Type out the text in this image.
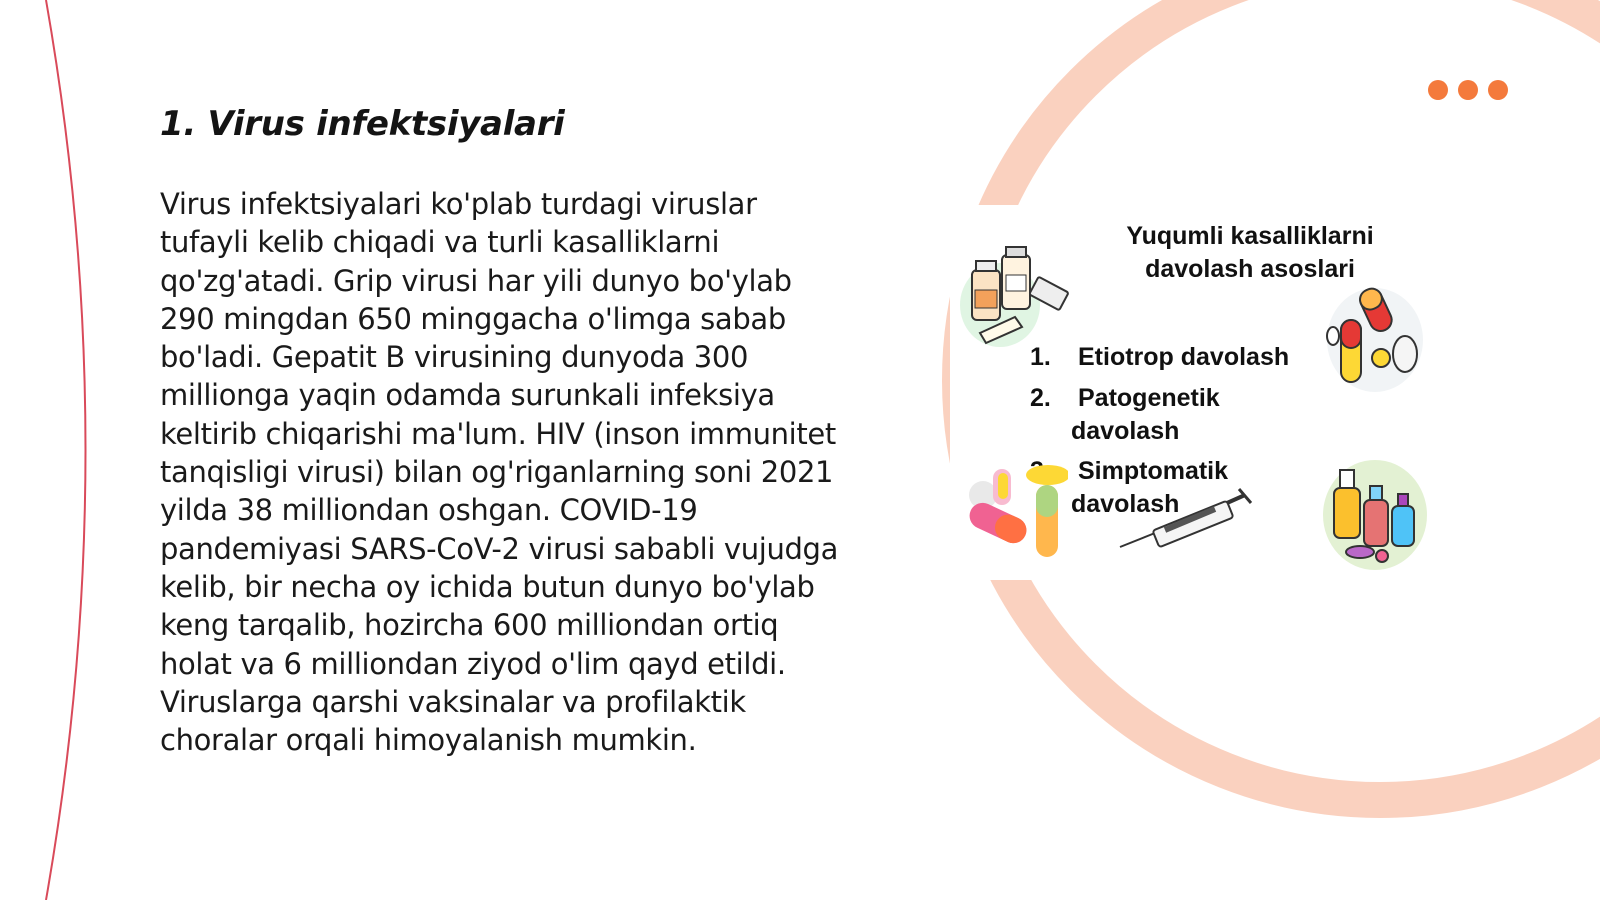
1. Virus infektsiyalari

Virus infektsiyalari ko'plab turdagi viruslar tufayli kelib chiqadi va turli kasalliklarni qo'zg'atadi. Grip virusi har yili dunyo bo'ylab 290 mingdan 650 minggacha o'limga sabab bo'ladi. Gepatit B virusining dunyoda 300 millionga yaqin odamda surunkali infeksiya keltirib chiqarishi ma'lum. HIV (inson immunitet tanqisligi virusi) bilan og'riganlarning soni 2021 yilda 38 milliondan oshgan. COVID-19 pandemiyasi SARS-CoV-2 virusi sababli vujudga kelib, bir necha oy ichida butun dunyo bo'ylab keng tarqalib, hozircha 600 milliondan ortiq holat va 6 milliondan ziyod o'lim qayd etildi. Viruslarga qarshi vaksinalar va profilaktik choralar orqali himoyalanish mumkin.

Yuqumli kasalliklarni
davolash asoslari
1. Etiotrop davolash
2. Patogenetik
davolash
Simptomatik
davolash
